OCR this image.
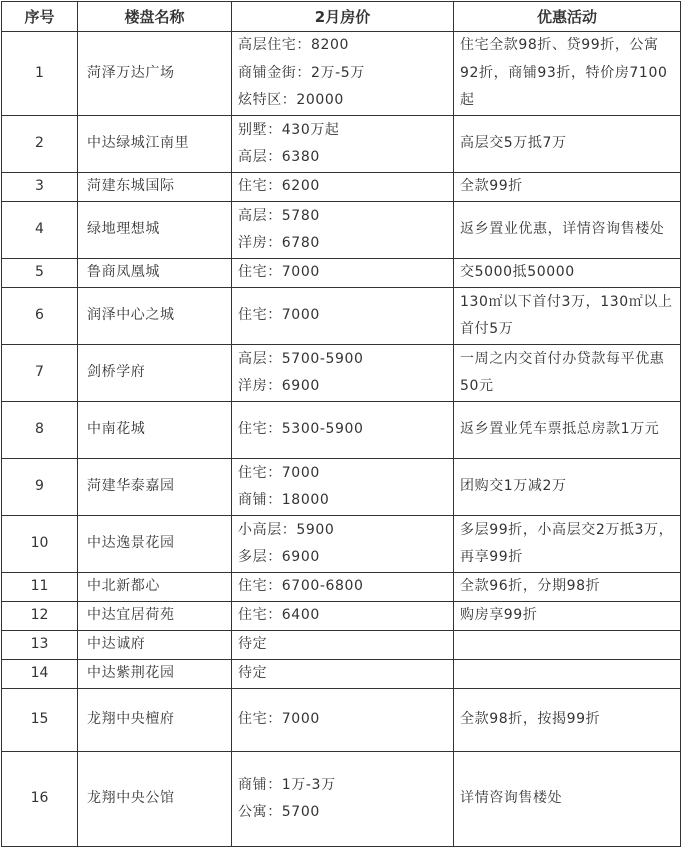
序号	楼盘名称	2月房价	优惠活动
1	菏泽万达广场	高层住宅：8200
商铺金街：2万-5万
炫特区：20000	住宅全款98折、贷99折，公寓92折，商铺93折，特价房7100起
2	中达绿城江南里	别墅：430万起
高层：6380	高层交5万抵7万
3	菏建东城国际	住宅：6200	全款99折
4	绿地理想城	高层：5780
洋房：6780	返乡置业优惠，详情咨询售楼处
5	鲁商凤凰城	住宅：7000	交5000抵50000
6	润泽中心之城	住宅：7000	130㎡以下首付3万，130㎡以上首付5万
7	剑桥学府	高层：5700-5900
洋房：6900	一周之内交首付办贷款每平优惠50元
8	中南花城	住宅：5300-5900	返乡置业凭车票抵总房款1万元
9	菏建华泰嘉园	住宅：7000
商铺：18000	团购交1万减2万
10	中达逸景花园	小高层：5900
多层：6900	多层99折，小高层交2万抵3万，再享99折
11	中北新都心	住宅：6700-6800	全款96折，分期98折
12	中达宜居荷苑	住宅：6400	购房享99折
13	中达诚府	待定	

14	中达紫荆花园	待定	

15	龙翔中央檀府	住宅：7000	全款98折，按揭99折
16	龙翔中央公馆	商铺：1万-3万
公寓：5700	详情咨询售楼处
